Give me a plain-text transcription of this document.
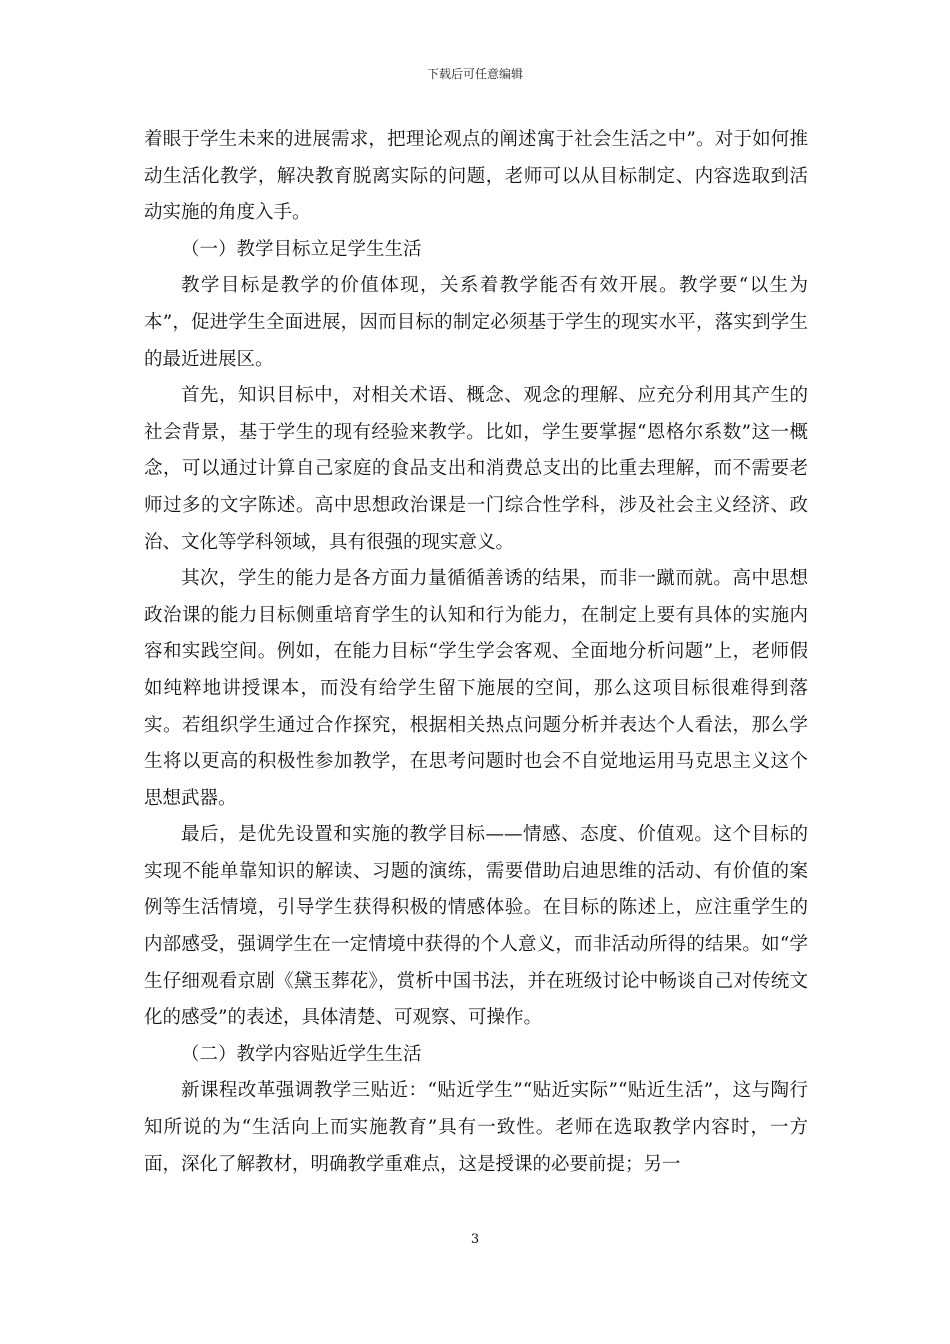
下载后可任意编辑

着眼于学生未来的进展需求，把理论观点的阐述寓于社会生活之中”。对于如何推动生活化教学，解决教育脱离实际的问题，老师可以从目标制定、内容选取到活动实施的角度入手。

（一）教学目标立足学生生活

教学目标是教学的价值体现，关系着教学能否有效开展。教学要“以生为本”，促进学生全面进展，因而目标的制定必须基于学生的现实水平，落实到学生的最近进展区。

首先，知识目标中，对相关术语、概念、观念的理解、应充分利用其产生的社会背景，基于学生的现有经验来教学。比如，学生要掌握“恩格尔系数”这一概念，可以通过计算自己家庭的食品支出和消费总支出的比重去理解，而不需要老师过多的文字陈述。高中思想政治课是一门综合性学科，涉及社会主义经济、政治、文化等学科领域，具有很强的现实意义。

其次，学生的能力是各方面力量循循善诱的结果，而非一蹴而就。高中思想政治课的能力目标侧重培育学生的认知和行为能力，在制定上要有具体的实施内容和实践空间。例如，在能力目标“学生学会客观、全面地分析问题”上，老师假如纯粹地讲授课本，而没有给学生留下施展的空间，那么这项目标很难得到落实。若组织学生通过合作探究，根据相关热点问题分析并表达个人看法，那么学生将以更高的积极性参加教学，在思考问题时也会不自觉地运用马克思主义这个思想武器。

最后，是优先设置和实施的教学目标——情感、态度、价值观。这个目标的实现不能单靠知识的解读、习题的演练，需要借助启迪思维的活动、有价值的案例等生活情境，引导学生获得积极的情感体验。在目标的陈述上，应注重学生的内部感受，强调学生在一定情境中获得的个人意义，而非活动所得的结果。如“学生仔细观看京剧《黛玉葬花》，赏析中国书法，并在班级讨论中畅谈自己对传统文化的感受”的表述，具体清楚、可观察、可操作。

（二）教学内容贴近学生生活

新课程改革强调教学三贴近：“贴近学生”“贴近实际”“贴近生活”，这与陶行知所说的为“生活向上而实施教育”具有一致性。老师在选取教学内容时，一方面，深化了解教材，明确教学重难点，这是授课的必要前提；另一

3
